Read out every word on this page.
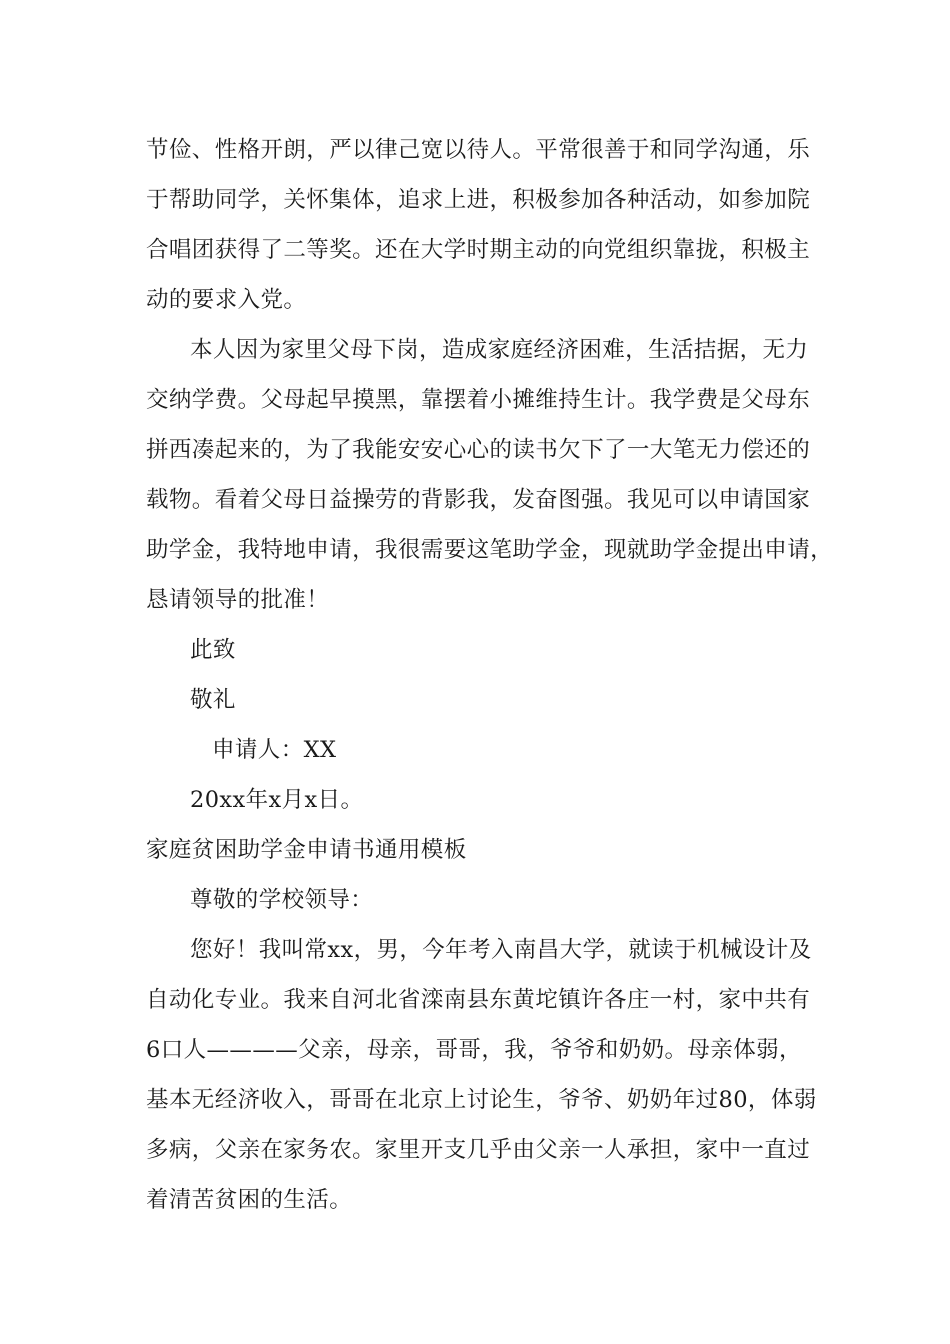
节俭、性格开朗，严以律己宽以待人。平常很善于和同学沟通，乐
于帮助同学，关怀集体，追求上进，积极参加各种活动，如参加院
合唱团获得了二等奖。还在大学时期主动的向党组织靠拢，积极主
动的要求入党。
本人因为家里父母下岗，造成家庭经济困难，生活拮据，无力
交纳学费。父母起早摸黑，靠摆着小摊维持生计。我学费是父母东
拼西凑起来的，为了我能安安心心的读书欠下了一大笔无力偿还的
载物。看着父母日益操劳的背影我，发奋图强。我见可以申请国家
助学金，我特地申请，我很需要这笔助学金，现就助学金提出申请，
恳请领导的批准！
此致
敬礼
申请人：XX
20xx年x月x日。
家庭贫困助学金申请书通用模板
尊敬的学校领导：
您好！我叫常xx，男，今年考入南昌大学，就读于机械设计及
自动化专业。我来自河北省滦南县东黄坨镇许各庄一村，家中共有
6口人————父亲，母亲，哥哥，我，爷爷和奶奶。母亲体弱，
基本无经济收入，哥哥在北京上讨论生，爷爷、奶奶年过80，体弱
多病，父亲在家务农。家里开支几乎由父亲一人承担，家中一直过
着清苦贫困的生活。
